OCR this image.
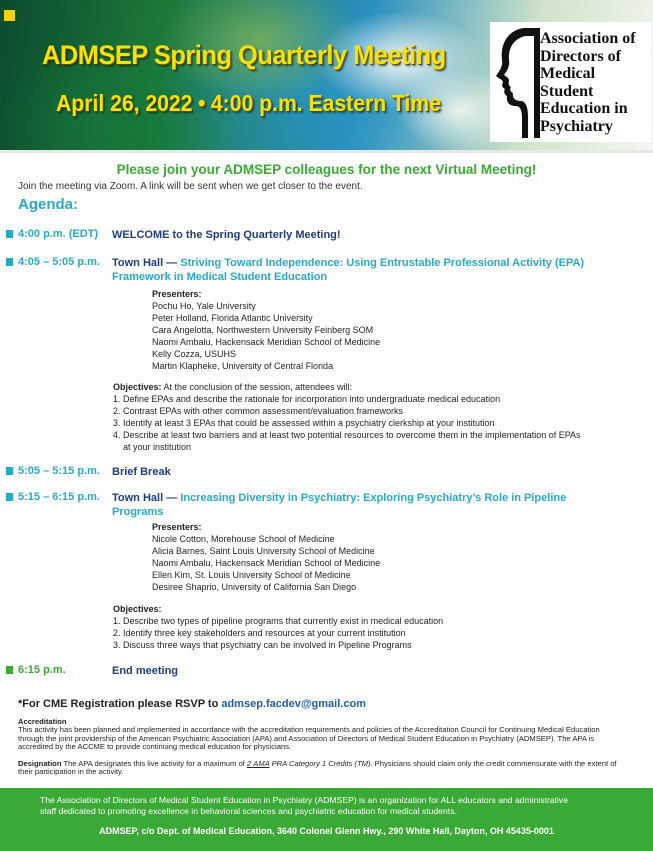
ADMSEP Spring Quarterly Meeting
April 26, 2022 • 4:00 p.m. Eastern Time
Association of
Directors of
Medical
Student
Education in
Psychiatry
Please join your ADMSEP colleagues for the next Virtual Meeting!
Join the meeting via Zoom. A link will be sent when we get closer to the event.
Agenda:
4:00 p.m. (EDT) WELCOME to the Spring Quarterly Meeting!
4:05 – 5:05 p.m. Town Hall — Striving Toward Independence: Using Entrustable Professional Activity (EPA)
Framework in Medical Student Education
Presenters:
Pochu Ho, Yale University
Peter Holland, Florida Atlantic University
Cara Angelotta, Northwestern University Feinberg SOM
Naomi Ambalu, Hackensack Meridian School of Medicine
Kelly Cozza, USUHS
Martin Klapheke, University of Central Florida
Objectives: At the conclusion of the session, attendees will:
1. Define EPAs and describe the rationale for incorporation into undergraduate medical education
2. Contrast EPAs with other common assessment/evaluation frameworks
3. Identify at least 3 EPAs that could be assessed within a psychiatry clerkship at your institution
4. Describe at least two barriers and at least two potential resources to overcome them in the implementation of EPAs
at your institution
5:05 – 5:15 p.m. Brief Break
5:15 – 6:15 p.m. Town Hall — Increasing Diversity in Psychiatry: Exploring Psychiatry’s Role in Pipeline
Programs
Presenters:
Nicole Cotton, Morehouse School of Medicine
Alicia Barnes, Saint Louis University School of Medicine
Naomi Ambalu, Hackensack Meridian School of Medicine
Ellen Kim, St. Louis University School of Medicine
Desiree Shaprio, University of California San Diego
Objectives:
1. Describe two types of pipeline programs that currently exist in medical education
2. Identify three key stakeholders and resources at your current institution
3. Discuss three ways that psychiatry can be involved in Pipeline Programs
6:15 p.m.	End meeting
*For CME Registration please RSVP to admsep.facdev@gmail.com
Accreditation
This activity has been planned and implemented in accordance with the accreditation requirements and policies of the Accreditation Council for Continuing Medical Education
through the joint providership of the American Psychiatric Association (APA) and Association of Directors of Medical Student Education in Psychiatry (ADMSEP). The APA is
accredited by the ACCME to provide continuing medical education for physicians.
Designation The APA designates this live activity for a maximum of 2 AMA PRA Category 1 Credits (TM). Physicians should claim only the credit commensurate with the extent of
their participation in the activity.
The Association of Directors of Medical Student Education in Psychiatry (ADMSEP) is an organization for ALL educators and administrative
staff dedicated to promoting excellence in behavioral sciences and psychiatric education for medical students.
ADMSEP, c/o Dept. of Medical Education, 3640 Colonel Glenn Hwy., 290 White Hall, Dayton, OH 45435-0001
